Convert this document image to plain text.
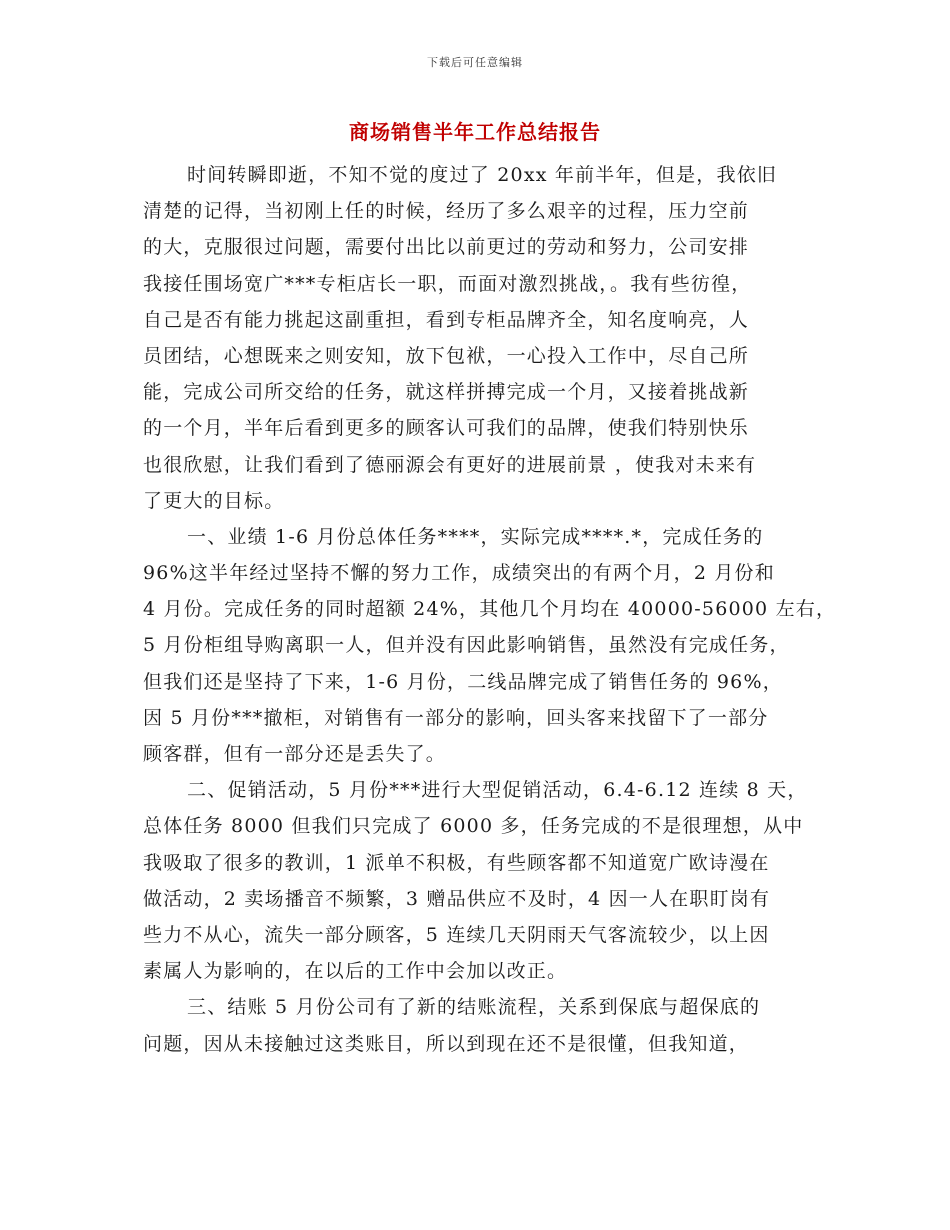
下载后可任意编辑
商场销售半年工作总结报告
时间转瞬即逝，不知不觉的度过了 20xx 年前半年，但是，我依旧
清楚的记得，当初刚上任的时候，经历了多么艰辛的过程，压力空前
的大，克服很过问题，需要付出比以前更过的劳动和努力，公司安排
我接任围场宽广***专柜店长一职，而面对激烈挑战，。我有些彷徨，
自己是否有能力挑起这副重担，看到专柜品牌齐全，知名度响亮，人
员团结，心想既来之则安知，放下包袱，一心投入工作中，尽自己所
能，完成公司所交给的任务，就这样拼搏完成一个月，又接着挑战新
的一个月，半年后看到更多的顾客认可我们的品牌，使我们特别快乐
也很欣慰，让我们看到了德丽源会有更好的进展前景 ，使我对未来有
了更大的目标。
一、业绩 1-6 月份总体任务****，实际完成****.*，完成任务的
96%这半年经过坚持不懈的努力工作，成绩突出的有两个月，2 月份和
4 月份。完成任务的同时超额 24%，其他几个月均在 40000-56000 左右，
5 月份柜组导购离职一人，但并没有因此影响销售，虽然没有完成任务，
但我们还是坚持了下来，1-6 月份，二线品牌完成了销售任务的 96%，
因 5 月份***撤柜，对销售有一部分的影响，回头客来找留下了一部分
顾客群，但有一部分还是丢失了。
二、促销活动，5 月份***进行大型促销活动，6.4-6.12 连续 8 天，
总体任务 8000 但我们只完成了 6000 多，任务完成的不是很理想，从中
我吸取了很多的教训，1 派单不积极，有些顾客都不知道宽广欧诗漫在
做活动，2 卖场播音不频繁，3 赠品供应不及时，4 因一人在职盯岗有
些力不从心，流失一部分顾客，5 连续几天阴雨天气客流较少，以上因
素属人为影响的，在以后的工作中会加以改正。
三、结账 5 月份公司有了新的结账流程，关系到保底与超保底的
问题，因从未接触过这类账目，所以到现在还不是很懂，但我知道，
